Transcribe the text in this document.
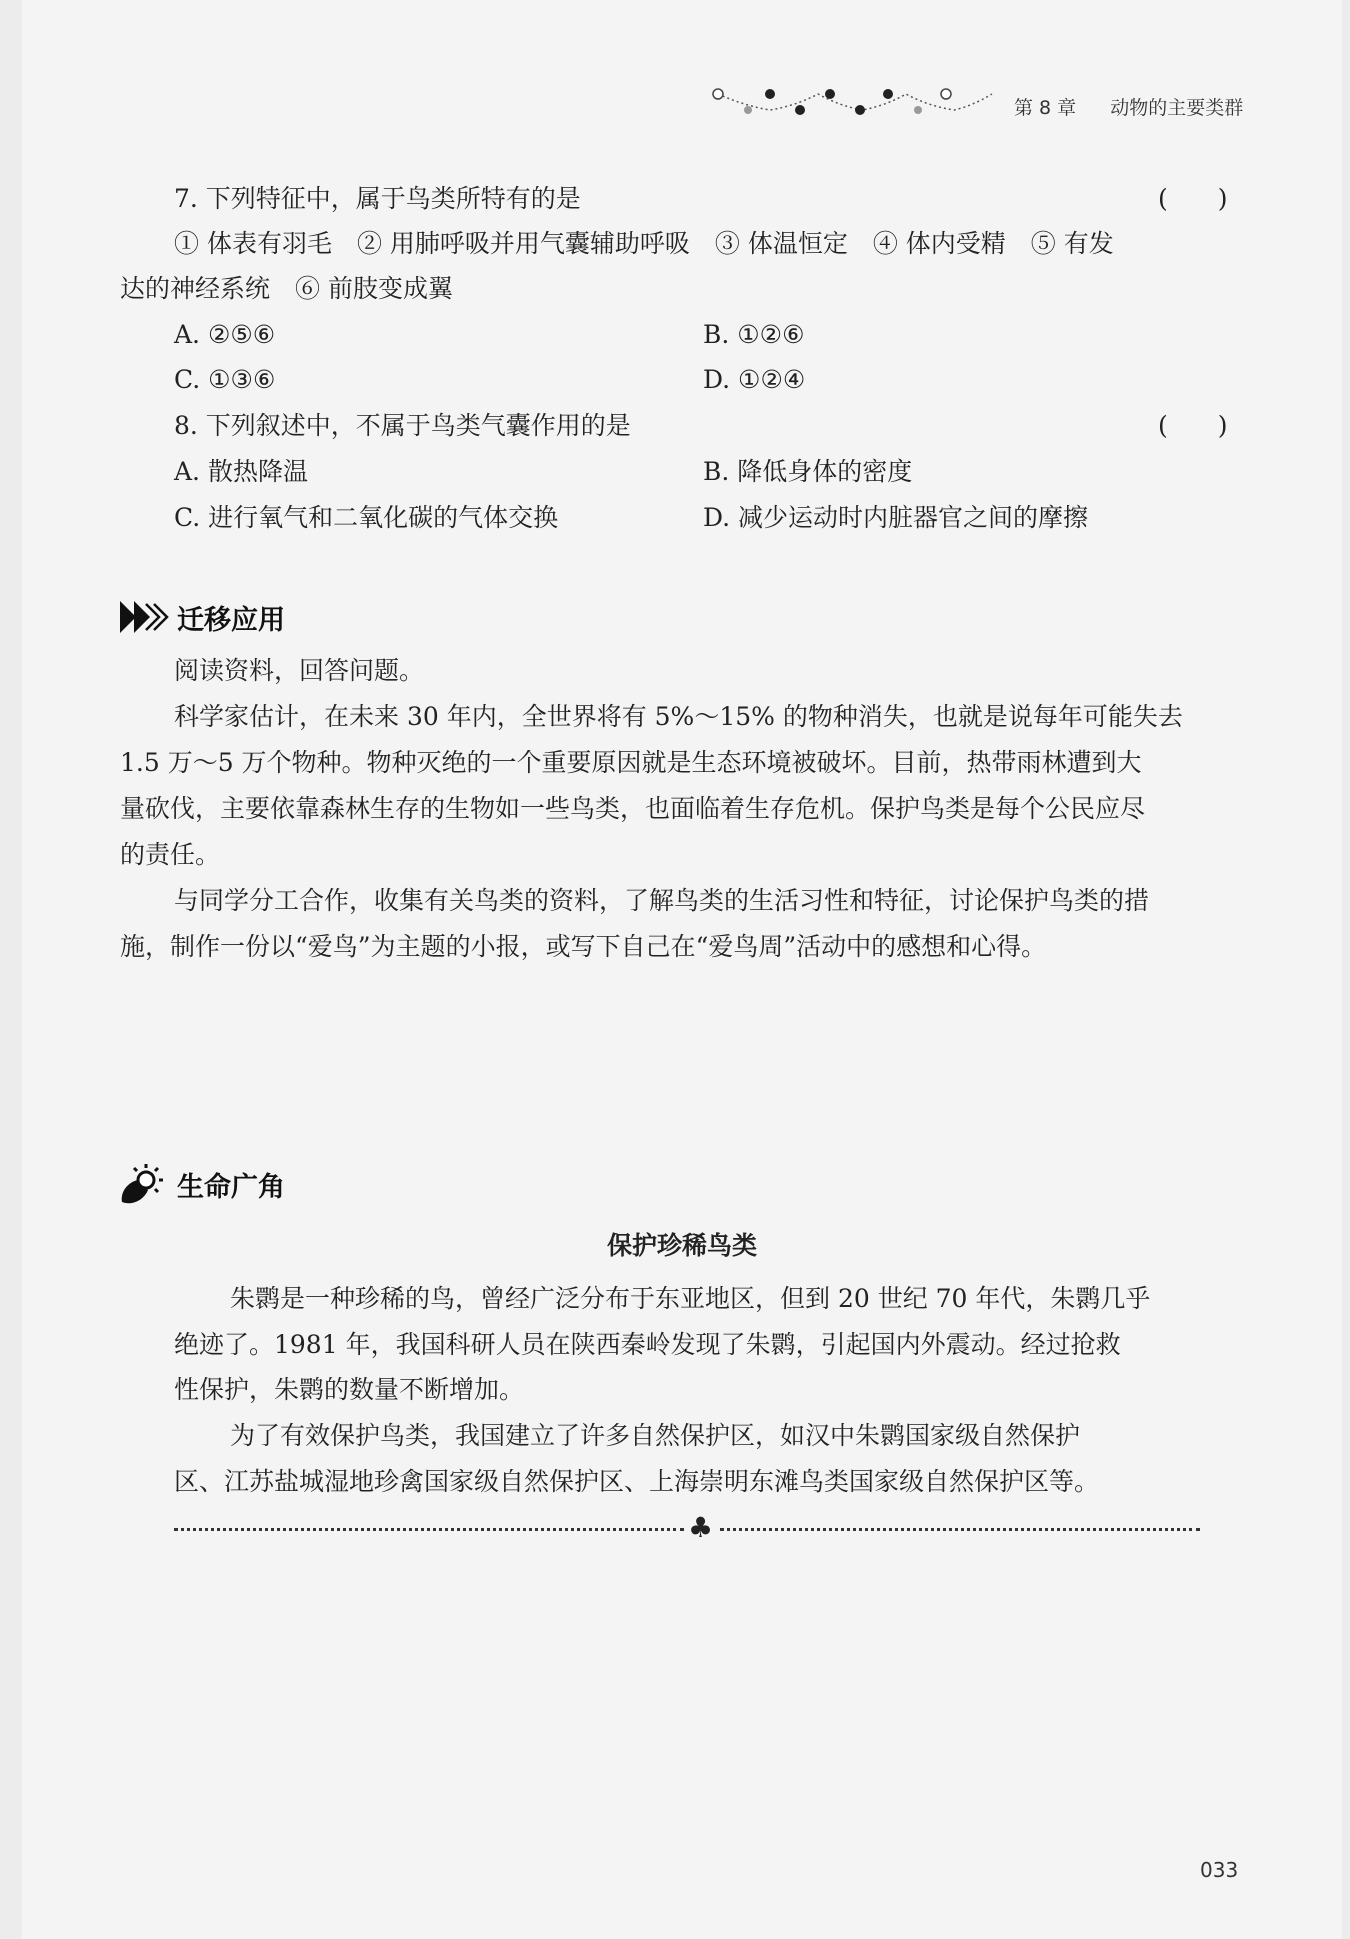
第 8 章 动物的主要类群
7. 下列特征中，属于鸟类所特有的是	(　　)
① 体表有羽毛　② 用肺呼吸并用气囊辅助呼吸　③ 体温恒定　④ 体内受精　⑤ 有发
达的神经系统　⑥ 前肢变成翼
A. ②⑤⑥	B. ①②⑥
C. ①③⑥	D. ①②④
8. 下列叙述中，不属于鸟类气囊作用的是	(　　)
A. 散热降温	B. 降低身体的密度
C. 进行氧气和二氧化碳的气体交换	D. 减少运动时内脏器官之间的摩擦
迁移应用
阅读资料，回答问题。
科学家估计，在未来 30 年内，全世界将有 5%～15% 的物种消失，也就是说每年可能失去
1.5 万～5 万个物种。物种灭绝的一个重要原因就是生态环境被破坏。目前，热带雨林遭到大
量砍伐，主要依靠森林生存的生物如一些鸟类，也面临着生存危机。保护鸟类是每个公民应尽
的责任。
与同学分工合作，收集有关鸟类的资料，了解鸟类的生活习性和特征，讨论保护鸟类的措
施，制作一份以“爱鸟”为主题的小报，或写下自己在“爱鸟周”活动中的感想和心得。
生命广角
保护珍稀鸟类
朱鹮是一种珍稀的鸟，曾经广泛分布于东亚地区，但到 20 世纪 70 年代，朱鹮几乎
绝迹了。1981 年，我国科研人员在陕西秦岭发现了朱鹮，引起国内外震动。经过抢救
性保护，朱鹮的数量不断增加。
为了有效保护鸟类，我国建立了许多自然保护区，如汉中朱鹮国家级自然保护
区、江苏盐城湿地珍禽国家级自然保护区、上海崇明东滩鸟类国家级自然保护区等。
♣
033
